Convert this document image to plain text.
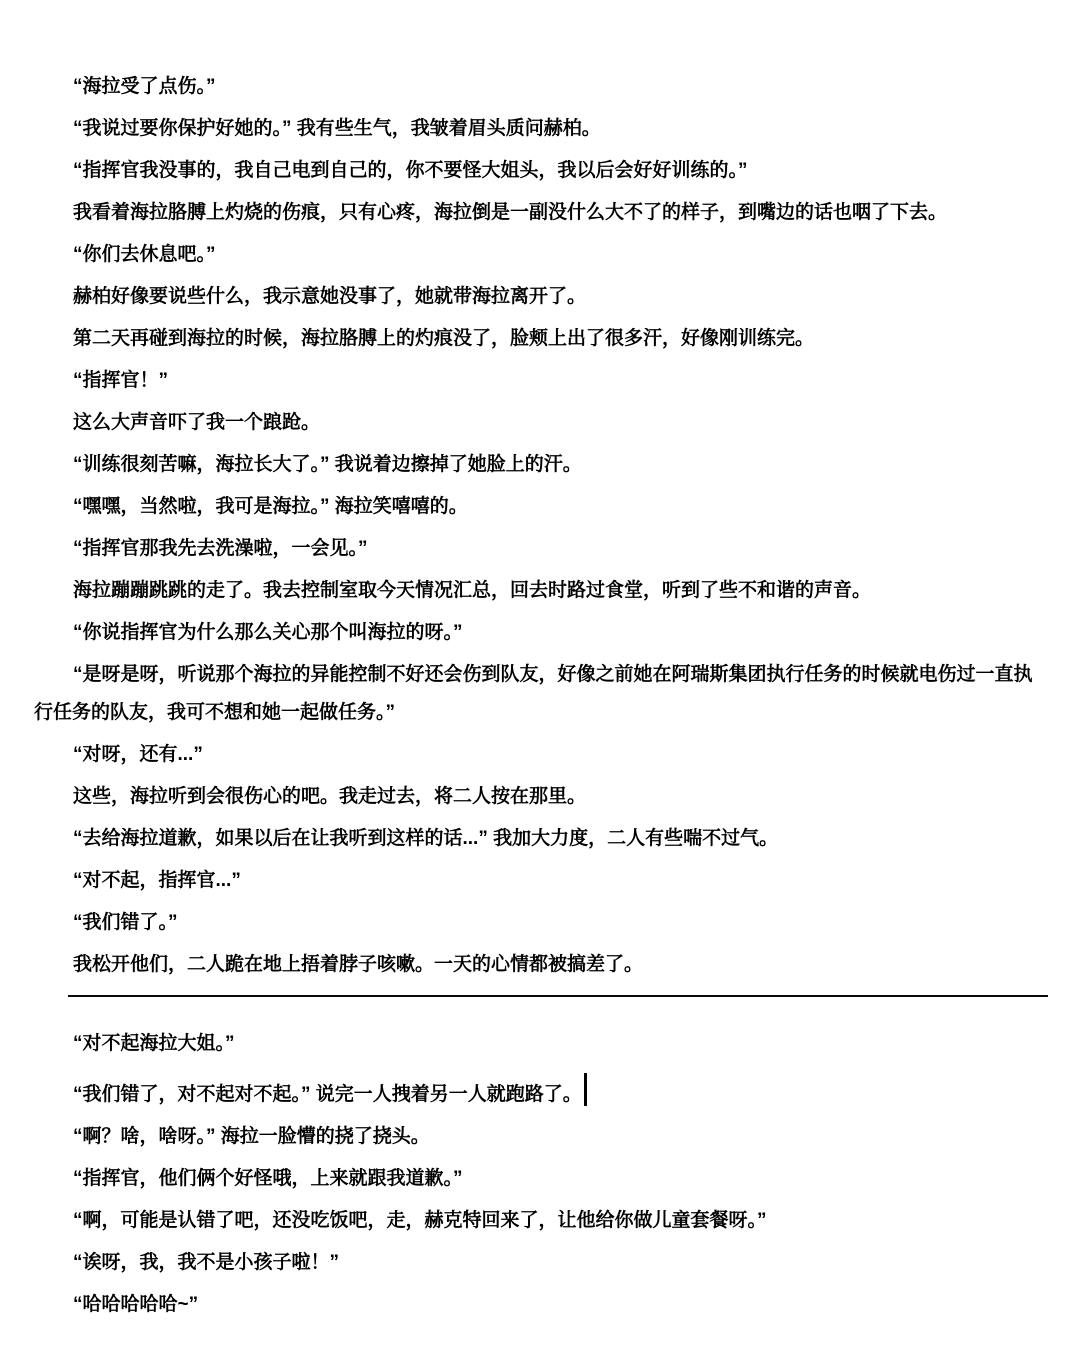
“海拉受了点伤。”

“我说过要你保护好她的。” 我有些生气，我皱着眉头质问赫柏。

“指挥官我没事的，我自己电到自己的，你不要怪大姐头，我以后会好好训练的。”

我看着海拉胳膊上灼烧的伤痕，只有心疼，海拉倒是一副没什么大不了的样子，到嘴边的话也咽了下去。

“你们去休息吧。”

赫柏好像要说些什么，我示意她没事了，她就带海拉离开了。

第二天再碰到海拉的时候，海拉胳膊上的灼痕没了，脸颊上出了很多汗，好像刚训练完。

“指挥官！”

这么大声音吓了我一个踉跄。

“训练很刻苦嘛，海拉长大了。” 我说着边擦掉了她脸上的汗。

“嘿嘿，当然啦，我可是海拉。” 海拉笑嘻嘻的。

“指挥官那我先去洗澡啦，一会见。”

海拉蹦蹦跳跳的走了。我去控制室取今天情况汇总，回去时路过食堂，听到了些不和谐的声音。

“你说指挥官为什么那么关心那个叫海拉的呀。”

“是呀是呀，听说那个海拉的异能控制不好还会伤到队友，好像之前她在阿瑞斯集团执行任务的时候就电伤过一直执行任务的队友，我可不想和她一起做任务。”

“对呀，还有...”

这些，海拉听到会很伤心的吧。我走过去，将二人按在那里。

“去给海拉道歉，如果以后在让我听到这样的话...” 我加大力度，二人有些喘不过气。

“对不起，指挥官...”

“我们错了。”

我松开他们，二人跪在地上捂着脖子咳嗽。一天的心情都被搞差了。

“对不起海拉大姐。”

“我们错了，对不起对不起。” 说完一人拽着另一人就跑路了。

“啊？啥，啥呀。” 海拉一脸懵的挠了挠头。

“指挥官，他们俩个好怪哦，上来就跟我道歉。”

“啊，可能是认错了吧，还没吃饭吧，走，赫克特回来了，让他给你做儿童套餐呀。”

“诶呀，我，我不是小孩子啦！”

“哈哈哈哈哈~”
